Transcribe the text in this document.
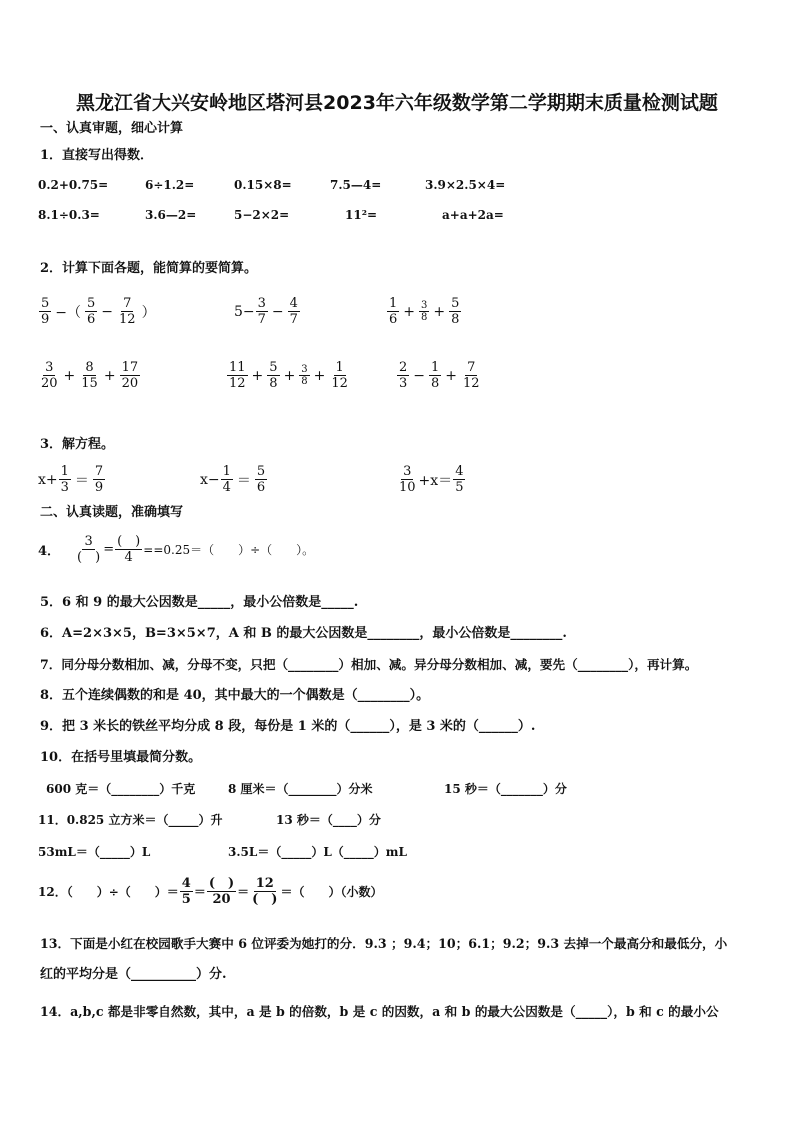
黑龙江省大兴安岭地区塔河县2023年六年级数学第二学期期末质量检测试题
一、认真审题，细心计算
1．直接写出得数．
0.2+0.75=	6÷1.2=	0.15×8=	7.5—4=	3.9×2.5×4=
8.1÷0.3=	3.6—2=	5−2×2=	11²=	a+a+2a=
2．计算下面各题，能简算的要简算。
$\frac{5}{9}$ −（ $\frac{5}{6} - \frac{7}{12}$ ）	$5- \frac{3}{7} - \frac{4}{7}$	$\frac{1}{6} + \frac{3}{8} + \frac{5}{8}$
$\frac{3}{20} + \frac{8}{15} + \frac{17}{20}$	$\frac{11}{12} + \frac{5}{8} + \frac{3}{8} + \frac{1}{12}$	$\frac{2}{3} - \frac{1}{8} + \frac{7}{12}$
3．解方程。
$x+ \frac{1}{3} = \frac{7}{9}$	$x- \frac{1}{4} = \frac{5}{6}$	$\frac{3}{10} +x= \frac{4}{5}$
二、认真读题，准确填写
4． $\frac{3}{( )} = \frac{( )}{4} ==0.25=$（　　）÷（　　）。
5．6 和 9 的最大公因数是_____，最小公倍数是_____.
6．A=2×3×5，B=3×5×7，A 和 B 的最大公因数是________，最小公倍数是________.
7．同分母分数相加、减，分母不变，只把（________）相加、减。异分母分数相加、减，要先（________），再计算。
8．五个连续偶数的和是 40，其中最大的一个偶数是（________）。
9．把 3 米长的铁丝平均分成 8 段，每份是 1 米的（______），是 3 米的（______）.
10．在括号里填最简分数。
600 克＝（________）千克	8 厘米＝（________）分米	15 秒＝（_______）分
11．0.825 立方米＝（_____）升	13 秒＝（____）分
53mL＝（_____）L	3.5L＝（_____）L（_____）mL
12．（　　）÷（　　）＝ $\frac{4}{5} = \frac{( )}{20} = \frac{12}{( )}$ ＝（　　）（小数）
13．下面是小红在校园歌手大赛中 6 位评委为她打的分．9.3 ；9.4；10；6.1；9.2；9.3 去掉一个最高分和最低分，小
红的平均分是（__________）分.
14．a,b,c 都是非零自然数，其中，a 是 b 的倍数，b 是 c 的因数，a 和 b 的最大公因数是（_____），b 和 c 的最小公
